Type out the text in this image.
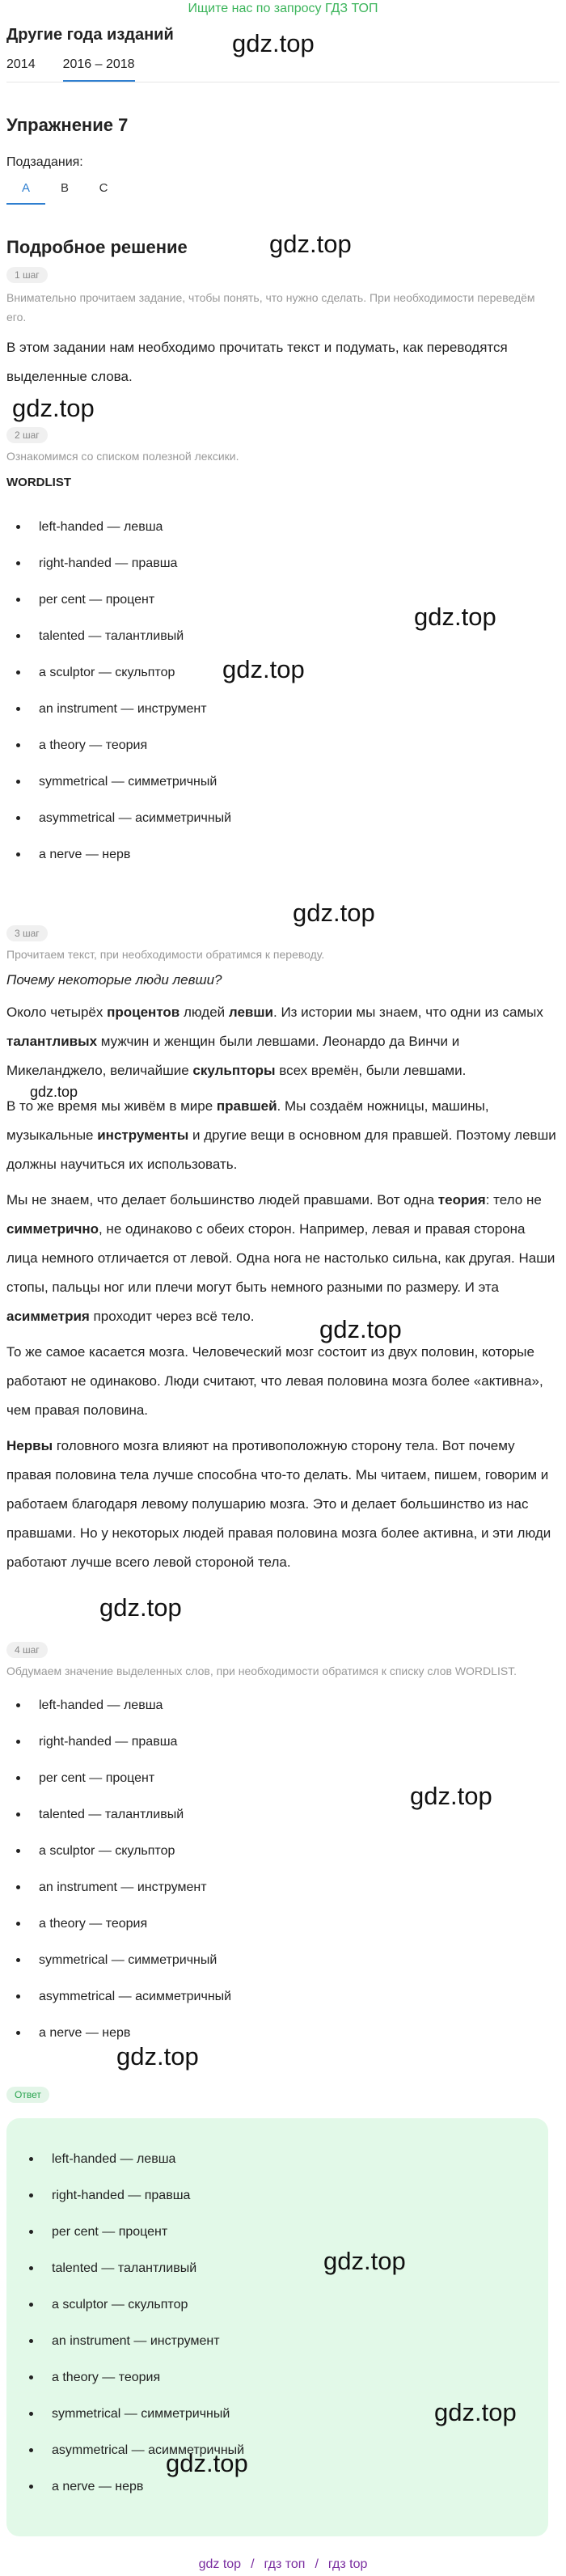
Ищите нас по запросу ГДЗ ТОП
Другие года изданий
2014 2016 – 2018
Упражнение 7
Подзадания:
A	B	C
Подробное решение
1 шаг
Внимательно прочитаем задание, чтобы понять, что нужно сделать. При необходимости переведём его.
В этом задании нам необходимо прочитать текст и подумать, как переводятся выделенные слова.
2 шаг
Ознакомимся со списком полезной лексики.
WORDLIST
left-handed — левша
right-handed — правша
per cent — процент
talented — талантливый
a sculptor — скульптор
an instrument — инструмент
a theory — теория
symmetrical — симметричный
asymmetrical — асимметричный
a nerve — нерв
3 шаг
Прочитаем текст, при необходимости обратимся к переводу.
Почему некоторые люди левши?

Около четырёх процентов людей левши. Из истории мы знаем, что одни из самых талантливых мужчин и женщин были левшами. Леонардо да Винчи и Микеланджело, величайшие скульпторы всех времён, были левшами.

В то же время мы живём в мире правшей. Мы создаём ножницы, машины, музыкальные инструменты и другие вещи в основном для правшей. Поэтому левши должны научиться их использовать.

Мы не знаем, что делает большинство людей правшами. Вот одна теория: тело не симметрично, не одинаково с обеих сторон. Например, левая и правая сторона лица немного отличается от левой. Одна нога не настолько сильна, как другая. Наши стопы, пальцы ног или плечи могут быть немного разными по размеру. И эта асимметрия проходит через всё тело.

То же самое касается мозга. Человеческий мозг состоит из двух половин, которые работают не одинаково. Люди считают, что левая половина мозга более «активна», чем правая половина.

Нервы головного мозга влияют на противоположную сторону тела. Вот почему правая половина тела лучше способна что-то делать. Мы читаем, пишем, говорим и работаем благодаря левому полушарию мозга. Это и делает большинство из нас правшами. Но у некоторых людей правая половина мозга более активна, и эти люди работают лучше всего левой стороной тела.

4 шаг
Обдумаем значение выделенных слов, при необходимости обратимся к списку слов WORDLIST.
left-handed — левша
right-handed — правша
per cent — процент
talented — талантливый
a sculptor — скульптор
an instrument — инструмент
a theory — теория
symmetrical — симметричный
asymmetrical — асимметричный
a nerve — нерв
Ответ
left-handed — левша
right-handed — правша
per cent — процент
talented — талантливый
a sculptor — скульптор
an instrument — инструмент
a theory — теория
symmetrical — симметричный
asymmetrical — асимметричный
a nerve — нерв
gdz.top
gdz.top
gdz.top
gdz.top
gdz.top
gdz.top
gdz.top
gdz.top
gdz.top
gdz.top
gdz.top
gdz.top
gdz.top
gdz.top
gdz top / гдз топ / гдз top
